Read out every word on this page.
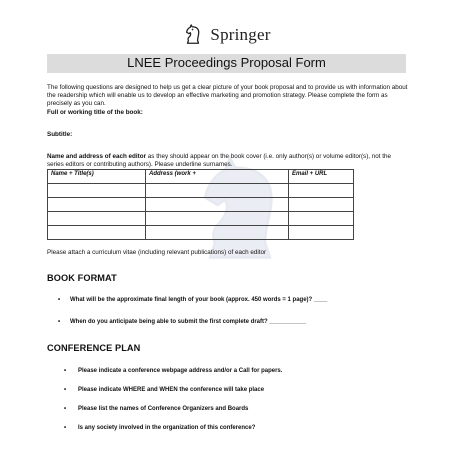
Springer
LNEE Proceedings Proposal Form
The following questions are designed to help us get a clear picture of your book proposal and to provide us with information about the readership which will enable us to develop an effective marketing and promotion strategy. Please complete the form as precisely as you can.
Full or working title of the book:
Subtitle:
Name and address of each editor as they should appear on the book cover (i.e. only author(s) or volume editor(s), not the series editors or contributing authors). Please underline surnames.
Name + Title(s)	Address (work +	Email + URL

Please attach a curriculum vitae (including relevant publications) of each editor
BOOK FORMAT
• What will be the approximate final length of your book (approx. 450 words = 1 page)? ____
• When do you anticipate being able to submit the first complete draft? ___________
CONFERENCE PLAN
• Please indicate a conference webpage address and/or a Call for papers.
• Please indicate WHERE and WHEN the conference will take place
• Please list the names of Conference Organizers and Boards
• Is any society involved in the organization of this conference?
